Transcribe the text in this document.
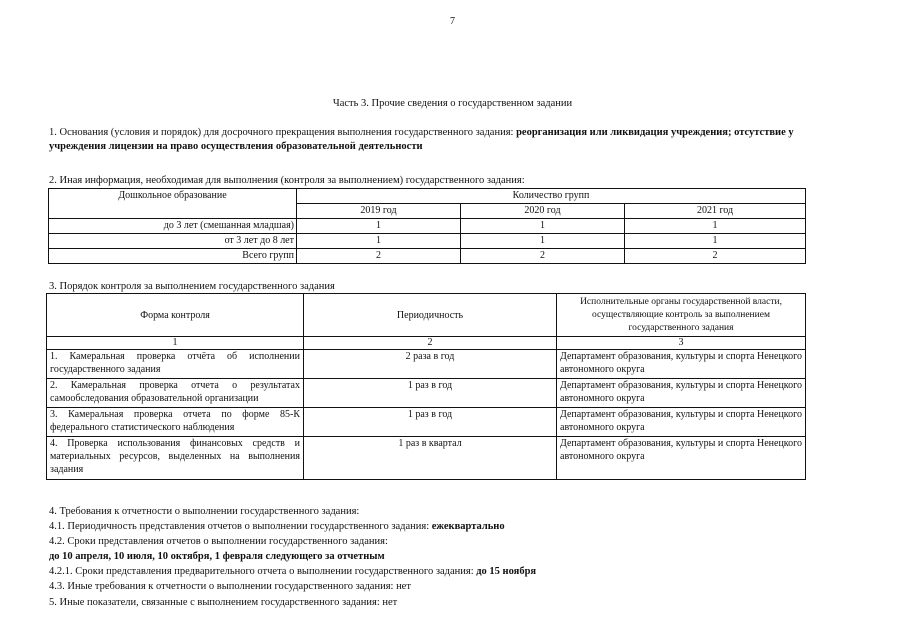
7
Часть 3. Прочие сведения о государственном задании
1. Основания (условия и порядок) для досрочного прекращения выполнения государственного задания: реорганизация или ликвидация учреждения; отсутствие у учреждения лицензии на право осуществления образовательной деятельности
2. Иная информация, необходимая для выполнения (контроля за выполнением) государственного задания:
Дошкольное образование	Количество групп		
	2019 год	2020 год	2021 год
до 3 лет (смешанная младшая)	1	1	1
от 3 лет до 8 лет	1	1	1
Всего групп	2	2	2
3. Порядок контроля за выполнением государственного задания
Форма контроля	Периодичность	Исполнительные органы государственной власти, осуществляющие контроль за выполнением государственного задания
1	2	3
1. Камеральная проверка отчёта об исполнении государственного задания	2 раза в год	Департамент образования, культуры и спорта Ненецкого автономного округа
2. Камеральная проверка отчета о результатах самообследования образовательной организации	1 раз в год	Департамент образования, культуры и спорта Ненецкого автономного округа
3. Камеральная проверка отчета по форме 85-К федерального статистического наблюдения	1 раз в год	Департамент образования, культуры и спорта Ненецкого автономного округа
4. Проверка использования финансовых средств и материальных ресурсов, выделенных на выполнения задания	1 раз в квартал	Департамент образования, культуры и спорта Ненецкого автономного округа
4. Требования к отчетности о выполнении государственного задания:
4.1. Периодичность представления отчетов о выполнении государственного задания: ежеквартально
4.2. Сроки представления отчетов о выполнении государственного задания:
до 10 апреля, 10 июля, 10 октября, 1 февраля следующего за отчетным
4.2.1. Сроки представления предварительного отчета о выполнении государственного задания: до 15 ноября
4.3. Иные требования к отчетности о выполнении государственного задания: нет
5. Иные показатели, связанные с выполнением государственного задания: нет
